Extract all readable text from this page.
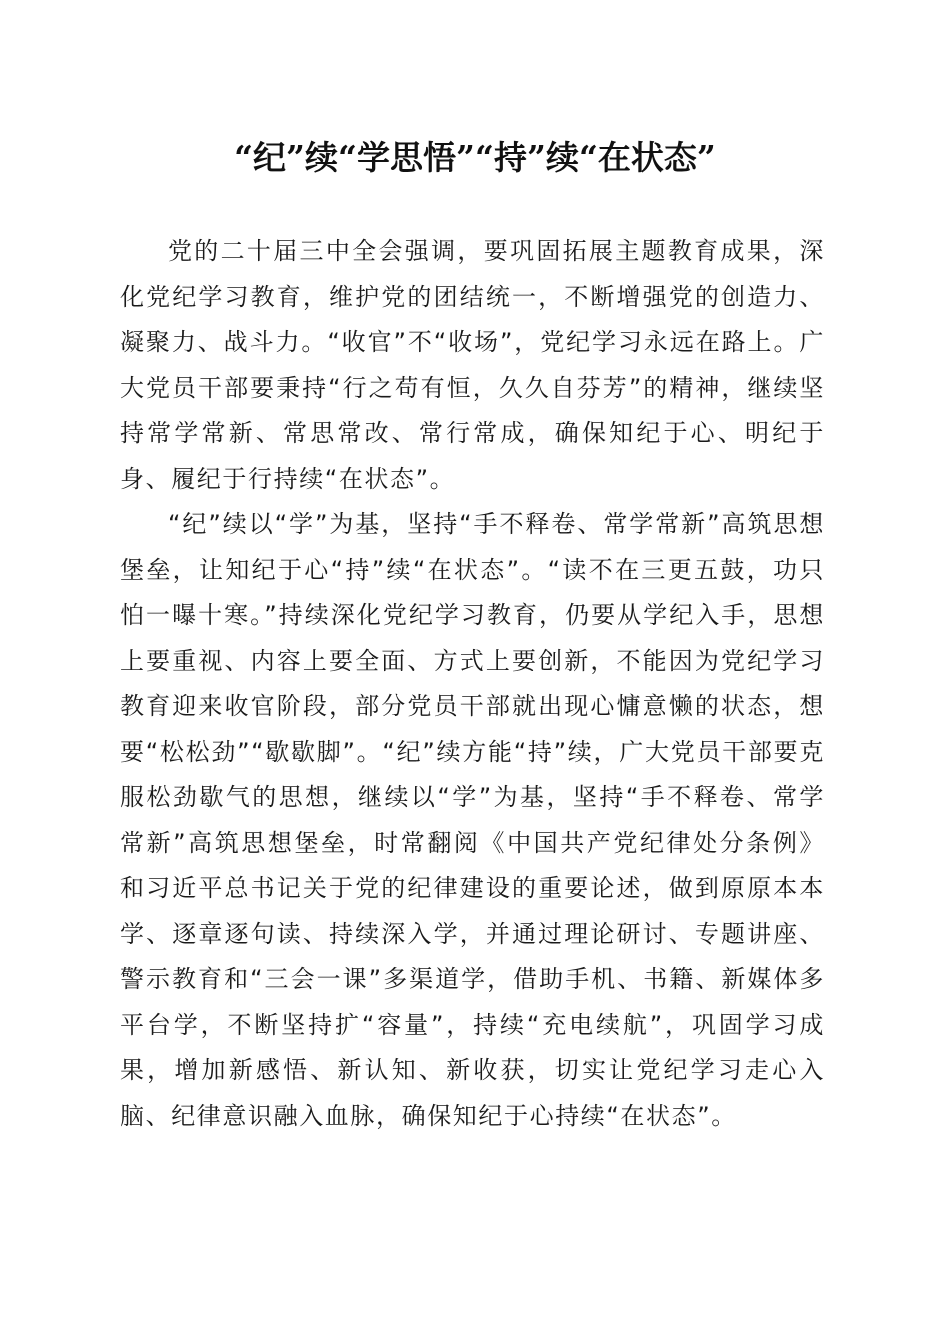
“纪”续“学思悟”“持”续“在状态”

党的二十届三中全会强调，要巩固拓展主题教育成果，深化党纪学习教育，维护党的团结统一，不断增强党的创造力、凝聚力、战斗力。“收官”不“收场”，党纪学习永远在路上。广大党员干部要秉持“行之苟有恒，久久自芬芳”的精神，继续坚持常学常新、常思常改、常行常成，确保知纪于心、明纪于身、履纪于行持续“在状态”。

“纪”续以“学”为基，坚持“手不释卷、常学常新”高筑思想堡垒，让知纪于心“持”续“在状态”。“读不在三更五鼓，功只怕一曝十寒。”持续深化党纪学习教育，仍要从学纪入手，思想上要重视、内容上要全面、方式上要创新，不能因为党纪学习教育迎来收官阶段，部分党员干部就出现心慵意懒的状态，想要“松松劲”“歇歇脚”。“纪”续方能“持”续，广大党员干部要克服松劲歇气的思想，继续以“学”为基，坚持“手不释卷、常学常新”高筑思想堡垒，时常翻阅《中国共产党纪律处分条例》和习近平总书记关于党的纪律建设的重要论述，做到原原本本学、逐章逐句读、持续深入学，并通过理论研讨、专题讲座、警示教育和“三会一课”多渠道学，借助手机、书籍、新媒体多平台学，不断坚持扩“容量”，持续“充电续航”，巩固学习成果，增加新感悟、新认知、新收获，切实让党纪学习走心入脑、纪律意识融入血脉，确保知纪于心持续“在状态”。
